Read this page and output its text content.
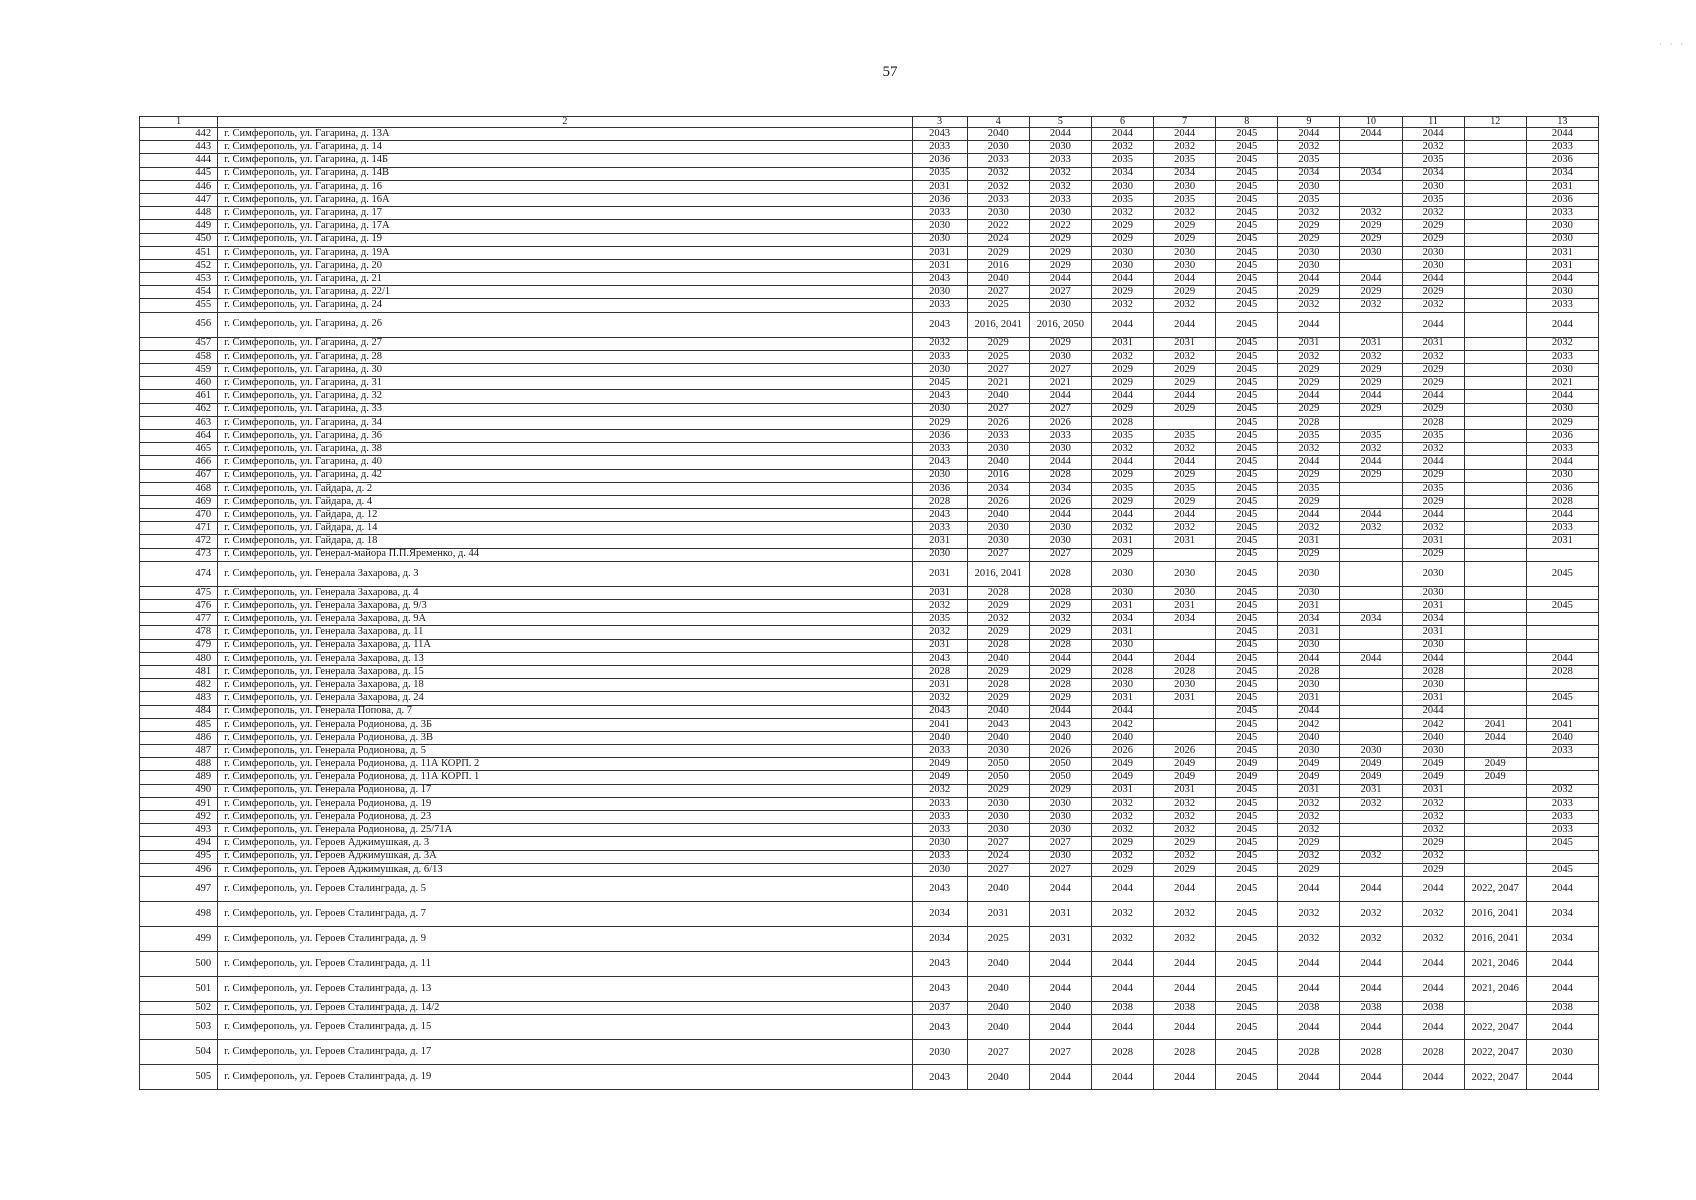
57
· · ·
1	2	3	4	5	6	7	8	9	10	11	12	13
442	г. Симферополь, ул. Гагарина, д. 13А	2043	2040	2044	2044	2044	2045	2044	2044	2044		2044
443	г. Симферополь, ул. Гагарина, д. 14	2033	2030	2030	2032	2032	2045	2032		2032		2033
444	г. Симферополь, ул. Гагарина, д. 14Б	2036	2033	2033	2035	2035	2045	2035		2035		2036
445	г. Симферополь, ул. Гагарина, д. 14В	2035	2032	2032	2034	2034	2045	2034	2034	2034		2034
446	г. Симферополь, ул. Гагарина, д. 16	2031	2032	2032	2030	2030	2045	2030		2030		2031
447	г. Симферополь, ул. Гагарина, д. 16А	2036	2033	2033	2035	2035	2045	2035		2035		2036
448	г. Симферополь, ул. Гагарина, д. 17	2033	2030	2030	2032	2032	2045	2032	2032	2032		2033
449	г. Симферополь, ул. Гагарина, д. 17А	2030	2022	2022	2029	2029	2045	2029	2029	2029		2030
450	г. Симферополь, ул. Гагарина, д. 19	2030	2024	2029	2029	2029	2045	2029	2029	2029		2030
451	г. Симферополь, ул. Гагарина, д. 19А	2031	2029	2029	2030	2030	2045	2030	2030	2030		2031
452	г. Симферополь, ул. Гагарина, д. 20	2031	2016	2029	2030	2030	2045	2030		2030		2031
453	г. Симферополь, ул. Гагарина, д. 21	2043	2040	2044	2044	2044	2045	2044	2044	2044		2044
454	г. Симферополь, ул. Гагарина, д. 22/1	2030	2027	2027	2029	2029	2045	2029	2029	2029		2030
455	г. Симферополь, ул. Гагарина, д. 24	2033	2025	2030	2032	2032	2045	2032	2032	2032		2033
456	г. Симферополь, ул. Гагарина, д. 26	2043	2016, 2041	2016, 2050	2044	2044	2045	2044		2044		2044
457	г. Симферополь, ул. Гагарина, д. 27	2032	2029	2029	2031	2031	2045	2031	2031	2031		2032
458	г. Симферополь, ул. Гагарина, д. 28	2033	2025	2030	2032	2032	2045	2032	2032	2032		2033
459	г. Симферополь, ул. Гагарина, д. 30	2030	2027	2027	2029	2029	2045	2029	2029	2029		2030
460	г. Симферополь, ул. Гагарина, д. 31	2045	2021	2021	2029	2029	2045	2029	2029	2029		2021
461	г. Симферополь, ул. Гагарина, д. 32	2043	2040	2044	2044	2044	2045	2044	2044	2044		2044
462	г. Симферополь, ул. Гагарина, д. 33	2030	2027	2027	2029	2029	2045	2029	2029	2029		2030
463	г. Симферополь, ул. Гагарина, д. 34	2029	2026	2026	2028		2045	2028		2028		2029
464	г. Симферополь, ул. Гагарина, д. 36	2036	2033	2033	2035	2035	2045	2035	2035	2035		2036
465	г. Симферополь, ул. Гагарина, д. 38	2033	2030	2030	2032	2032	2045	2032	2032	2032		2033
466	г. Симферополь, ул. Гагарина, д. 40	2043	2040	2044	2044	2044	2045	2044	2044	2044		2044
467	г. Симферополь, ул. Гагарина, д. 42	2030	2016	2028	2029	2029	2045	2029	2029	2029		2030
468	г. Симферополь, ул. Гайдара, д. 2	2036	2034	2034	2035	2035	2045	2035		2035		2036
469	г. Симферополь, ул. Гайдара, д. 4	2028	2026	2026	2029	2029	2045	2029		2029		2028
470	г. Симферополь, ул. Гайдара, д. 12	2043	2040	2044	2044	2044	2045	2044	2044	2044		2044
471	г. Симферополь, ул. Гайдара, д. 14	2033	2030	2030	2032	2032	2045	2032	2032	2032		2033
472	г. Симферополь, ул. Гайдара, д. 18	2031	2030	2030	2031	2031	2045	2031		2031		2031
473	г. Симферополь, ул. Генерал-майора П.П.Яременко, д. 44	2030	2027	2027	2029		2045	2029		2029		
474	г. Симферополь, ул. Генерала Захарова, д. 3	2031	2016, 2041	2028	2030	2030	2045	2030		2030		2045
475	г. Симферополь, ул. Генерала Захарова, д. 4	2031	2028	2028	2030	2030	2045	2030		2030		
476	г. Симферополь, ул. Генерала Захарова, д. 9/3	2032	2029	2029	2031	2031	2045	2031		2031		2045
477	г. Симферополь, ул. Генерала Захарова, д. 9А	2035	2032	2032	2034	2034	2045	2034	2034	2034		
478	г. Симферополь, ул. Генерала Захарова, д. 11	2032	2029	2029	2031		2045	2031		2031		
479	г. Симферополь, ул. Генерала Захарова, д. 11А	2031	2028	2028	2030		2045	2030		2030		
480	г. Симферополь, ул. Генерала Захарова, д. 13	2043	2040	2044	2044	2044	2045	2044	2044	2044		2044
481	г. Симферополь, ул. Генерала Захарова, д. 15	2028	2029	2029	2028	2028	2045	2028		2028		2028
482	г. Симферополь, ул. Генерала Захарова, д. 18	2031	2028	2028	2030	2030	2045	2030		2030		
483	г. Симферополь, ул. Генерала Захарова, д. 24	2032	2029	2029	2031	2031	2045	2031		2031		2045
484	г. Симферополь, ул. Генерала Попова, д. 7	2043	2040	2044	2044		2045	2044		2044		
485	г. Симферополь, ул. Генерала Родионова, д. 3Б	2041	2043	2043	2042		2045	2042		2042	2041	2041
486	г. Симферополь, ул. Генерала Родионова, д. 3В	2040	2040	2040	2040		2045	2040		2040	2044	2040
487	г. Симферополь, ул. Генерала Родионова, д. 5	2033	2030	2026	2026	2026	2045	2030	2030	2030		2033
488	г. Симферополь, ул. Генерала Родионова, д. 11А КОРП. 2	2049	2050	2050	2049	2049	2049	2049	2049	2049	2049	
489	г. Симферополь, ул. Генерала Родионова, д. 11А КОРП. 1	2049	2050	2050	2049	2049	2049	2049	2049	2049	2049	
490	г. Симферополь, ул. Генерала Родионова, д. 17	2032	2029	2029	2031	2031	2045	2031	2031	2031		2032
491	г. Симферополь, ул. Генерала Родионова, д. 19	2033	2030	2030	2032	2032	2045	2032	2032	2032		2033
492	г. Симферополь, ул. Генерала Родионова, д. 23	2033	2030	2030	2032	2032	2045	2032		2032		2033
493	г. Симферополь, ул. Генерала Родионова, д. 25/71А	2033	2030	2030	2032	2032	2045	2032		2032		2033
494	г. Симферополь, ул. Героев Аджимушкая, д. 3	2030	2027	2027	2029	2029	2045	2029		2029		2045
495	г. Симферополь, ул. Героев Аджимушкая, д. 3А	2033	2024	2030	2032	2032	2045	2032	2032	2032		
496	г. Симферополь, ул. Героев Аджимушкая, д. 6/13	2030	2027	2027	2029	2029	2045	2029		2029		2045
497	г. Симферополь, ул. Героев Сталинграда, д. 5	2043	2040	2044	2044	2044	2045	2044	2044	2044	2022, 2047	2044
498	г. Симферополь, ул. Героев Сталинграда, д. 7	2034	2031	2031	2032	2032	2045	2032	2032	2032	2016, 2041	2034
499	г. Симферополь, ул. Героев Сталинграда, д. 9	2034	2025	2031	2032	2032	2045	2032	2032	2032	2016, 2041	2034
500	г. Симферополь, ул. Героев Сталинграда, д. 11	2043	2040	2044	2044	2044	2045	2044	2044	2044	2021, 2046	2044
501	г. Симферополь, ул. Героев Сталинграда, д. 13	2043	2040	2044	2044	2044	2045	2044	2044	2044	2021, 2046	2044
502	г. Симферополь, ул. Героев Сталинграда, д. 14/2	2037	2040	2040	2038	2038	2045	2038	2038	2038		2038
503	г. Симферополь, ул. Героев Сталинграда, д. 15	2043	2040	2044	2044	2044	2045	2044	2044	2044	2022, 2047	2044
504	г. Симферополь, ул. Героев Сталинграда, д. 17	2030	2027	2027	2028	2028	2045	2028	2028	2028	2022, 2047	2030
505	г. Симферополь, ул. Героев Сталинграда, д. 19	2043	2040	2044	2044	2044	2045	2044	2044	2044	2022, 2047	2044
